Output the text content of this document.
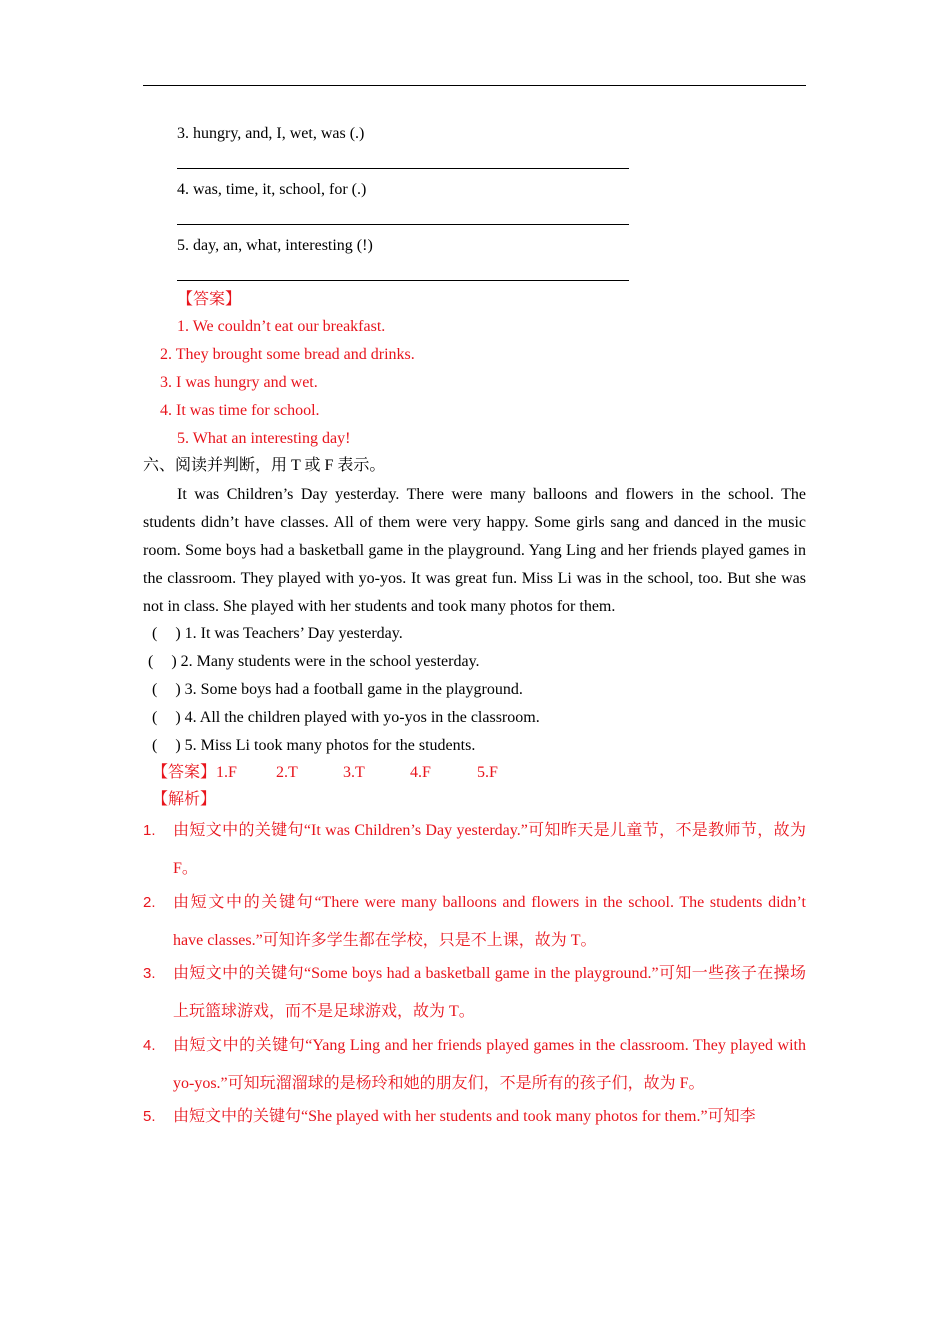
3. hungry, and, I, wet, was (.)
4. was, time, it, school, for (.)
5. day, an, what, interesting (!)
【答案】
1. We couldn’t eat our breakfast.
2. They brought some bread and drinks.
3. I was hungry and wet.
4. It was time for school.
5. What an interesting day!
六、阅读并判断，用 T 或 F 表示。
It was Children’s Day yesterday. There were many balloons and flowers in the school. The students didn’t have classes. All of them were very happy. Some girls sang and danced in the music room. Some boys had a basketball game in the playground. Yang Ling and her friends played games in the classroom. They played with yo-yos. It was great fun. Miss Li was in the school, too. But she was not in class. She played with her students and took many photos for them.
( ) 1. It was Teachers’ Day yesterday.
( ) 2. Many students were in the school yesterday.
( ) 3. Some boys had a football game in the playground.
( ) 4. All the children played with yo-yos in the classroom.
( ) 5. Miss Li took many photos for the students.
【答案】1.F 2.T	3.T	4.F	5.F
【解析】
1.	由短文中的关键句“It was Children’s Day yesterday.”可知昨天是儿童节，不是教师节，故为 F。
2.	由短文中的关键句“There were many balloons and flowers in the school. The students didn’t have classes.”可知许多学生都在学校，只是不上课，故为 T。
3.	由短文中的关键句“Some boys had a basketball game in the playground.”可知一些孩子在操场上玩篮球游戏，而不是足球游戏，故为 T。
4.	由短文中的关键句“Yang Ling and her friends played games in the classroom. They played with yo-yos.”可知玩溜溜球的是杨玲和她的朋友们，不是所有的孩子们，故为 F。
5.	由短文中的关键句“She played with her students and took many photos for them.”可知李
